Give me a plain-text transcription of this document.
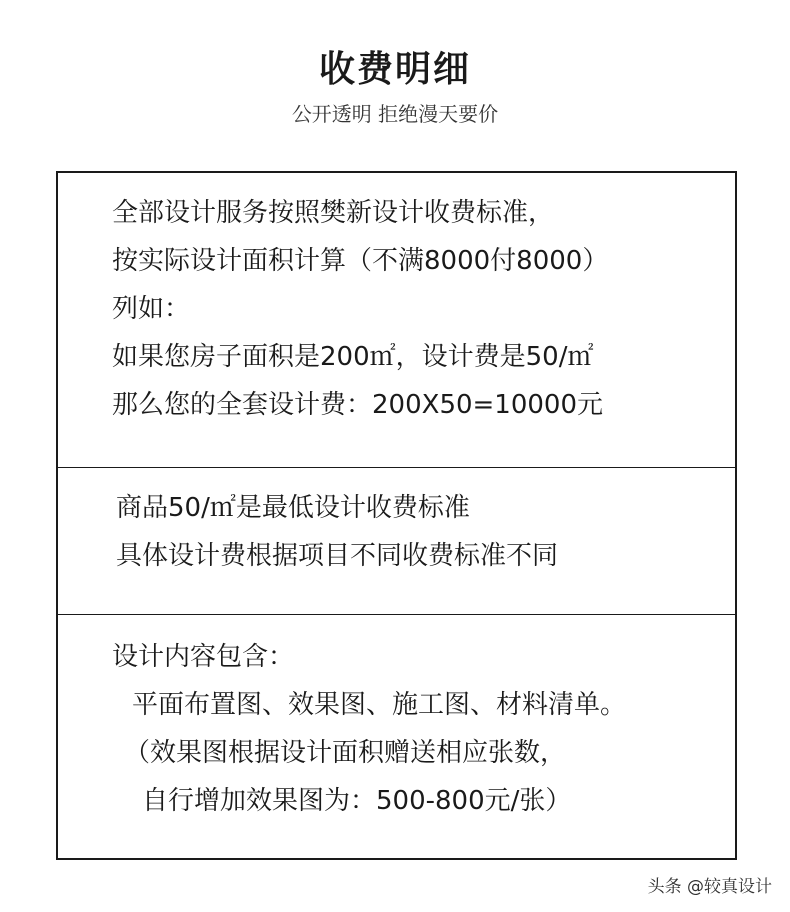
收费明细
公开透明 拒绝漫天要价
全部设计服务按照樊新设计收费标准，
按实际设计面积计算（不满8000付8000）
列如：
如果您房子面积是200㎡，设计费是50/㎡
那么您的全套设计费：200X50=10000元
商品50/㎡是最低设计收费标准
具体设计费根据项目不同收费标准不同
设计内容包含：
平面布置图、效果图、施工图、材料清单。
（效果图根据设计面积赠送相应张数，
自行增加效果图为：500-800元/张）
头条 @较真设计
